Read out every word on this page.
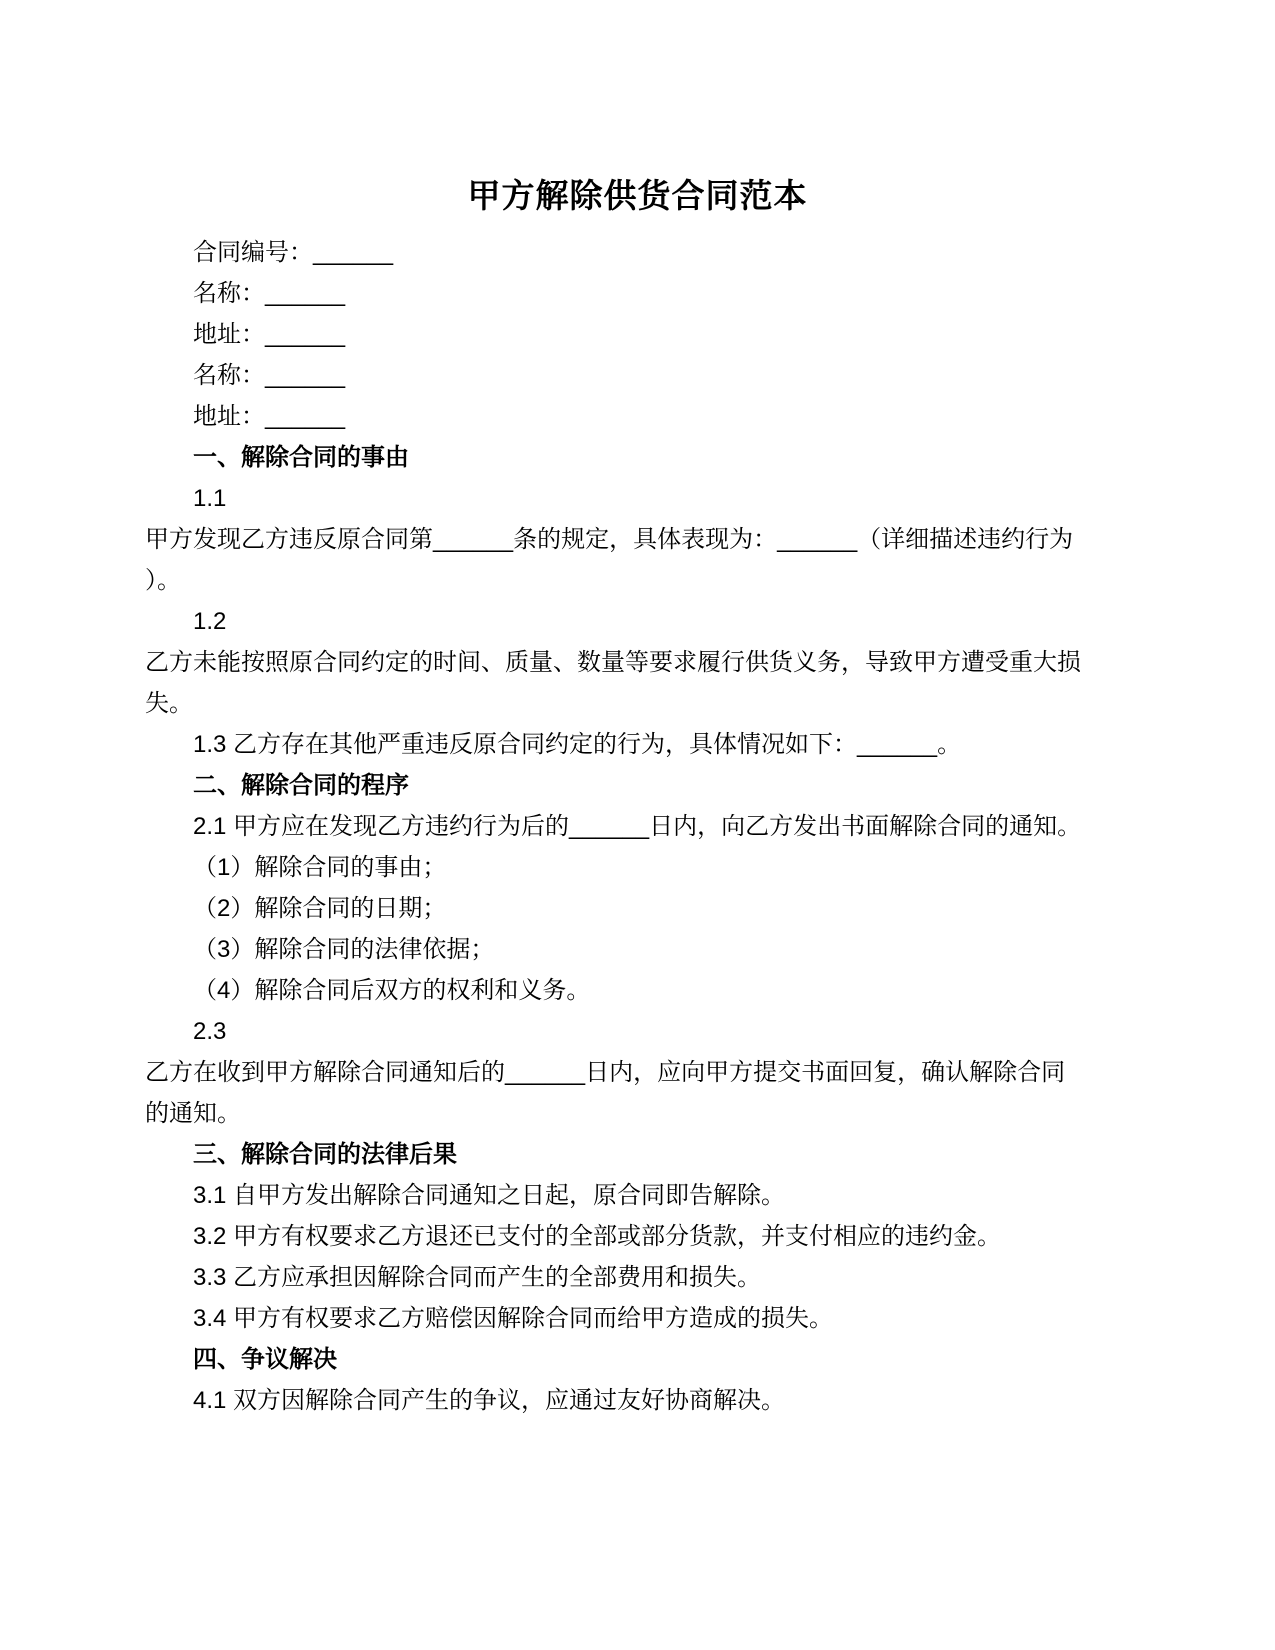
甲方解除供货合同范本
合同编号：______
名称：______
地址：______
名称：______
地址：______
一、解除合同的事由
1.1
甲方发现乙方违反原合同第______条的规定，具体表现为：______（详细描述违约行为
）。
1.2
乙方未能按照原合同约定的时间、质量、数量等要求履行供货义务，导致甲方遭受重大损
失。
1.3 乙方存在其他严重违反原合同约定的行为，具体情况如下：______。
二、解除合同的程序
2.1 甲方应在发现乙方违约行为后的______日内，向乙方发出书面解除合同的通知。
（1）解除合同的事由；
（2）解除合同的日期；
（3）解除合同的法律依据；
（4）解除合同后双方的权利和义务。
2.3
乙方在收到甲方解除合同通知后的______日内，应向甲方提交书面回复，确认解除合同
的通知。
三、解除合同的法律后果
3.1 自甲方发出解除合同通知之日起，原合同即告解除。
3.2 甲方有权要求乙方退还已支付的全部或部分货款，并支付相应的违约金。
3.3 乙方应承担因解除合同而产生的全部费用和损失。
3.4 甲方有权要求乙方赔偿因解除合同而给甲方造成的损失。
四、争议解决
4.1 双方因解除合同产生的争议，应通过友好协商解决。
